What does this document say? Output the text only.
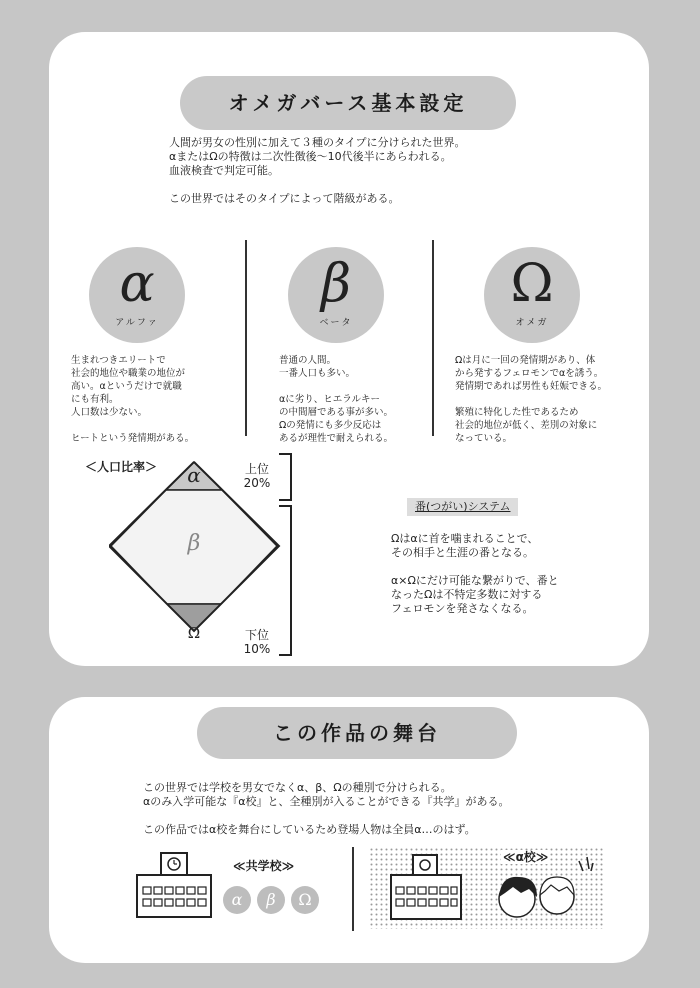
オメガバース基本設定
人間が男女の性別に加えて３種のタイプに分けられた世界。
αまたはΩの特徴は二次性徴後～10代後半にあらわれる。
血液検査で判定可能。

この世界ではそのタイプによって階級がある。
α
アルファ
β
ベータ
Ω
オメガ
生まれつきエリートで
社会的地位や職業の地位が
高い。αというだけで就職
にも有利。
人口数は少ない。

ヒートという発情期がある。
普通の人間。
一番人口も多い。

αに劣り、ヒエラルキー
の中間層である事が多い。
Ωの発情にも多少反応は
あるが理性で耐えられる。
Ωは月に一回の発情期があり、体
から発するフェロモンでαを誘う。
発情期であれば男性も妊娠できる。

繁殖に特化した性であるため
社会的地位が低く、差別の対象に
なっている。
＜人口比率＞	α
β
Ω
上位
20%
下位
10%
番(つがい)システム
Ωはαに首を噛まれることで、
その相手と生涯の番となる。

α×Ωにだけ可能な繋がりで、番と
なったΩは不特定多数に対する
フェロモンを発さなくなる。
この作品の舞台
この世界では学校を男女でなくα、β、Ωの種別で分けられる。
αのみ入学可能な『α校』と、全種別が入ることができる『共学』がある。

この作品ではα校を舞台にしているため登場人物は全員α…のはず。
≪共学校≫
α	β	Ω
≪α校≫
